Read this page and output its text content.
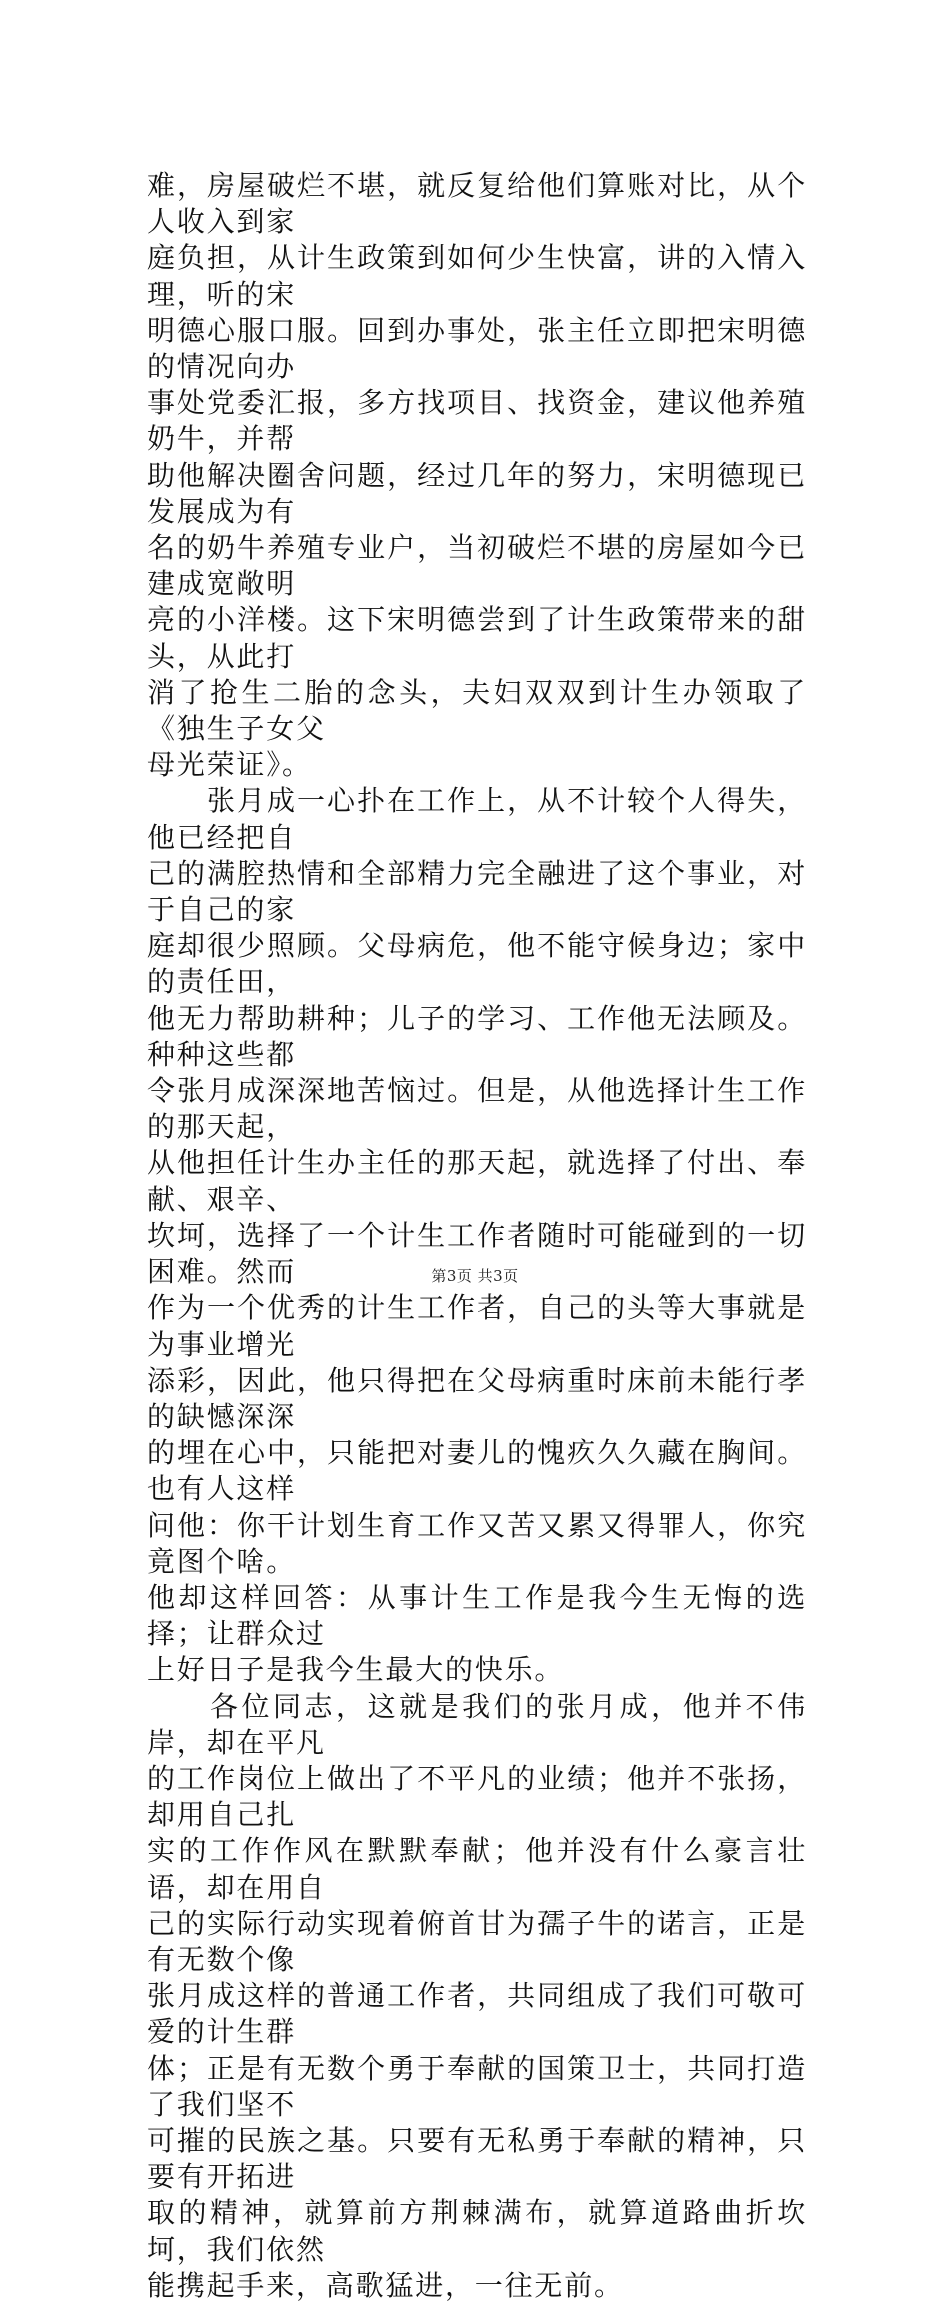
难，房屋破烂不堪，就反复给他们算账对比，从个人收入到家
庭负担，从计生政策到如何少生快富，讲的入情入理，听的宋
明德心服口服。回到办事处，张主任立即把宋明德的情况向办
事处党委汇报，多方找项目、找资金，建议他养殖奶牛，并帮
助他解决圈舍问题，经过几年的努力，宋明德现已发展成为有
名的奶牛养殖专业户，当初破烂不堪的房屋如今已建成宽敞明
亮的小洋楼。这下宋明德尝到了计生政策带来的甜头，从此打
消了抢生二胎的念头，夫妇双双到计生办领取了《独生子女父
母光荣证》。

　　张月成一心扑在工作上，从不计较个人得失，他已经把自
己的满腔热情和全部精力完全融进了这个事业，对于自己的家
庭却很少照顾。父母病危，他不能守候身边；家中的责任田，
他无力帮助耕种；儿子的学习、工作他无法顾及。种种这些都
令张月成深深地苦恼过。但是，从他选择计生工作的那天起，
从他担任计生办主任的那天起，就选择了付出、奉献、艰辛、
坎坷，选择了一个计生工作者随时可能碰到的一切困难。然而
作为一个优秀的计生工作者，自己的头等大事就是为事业增光
添彩，因此，他只得把在父母病重时床前未能行孝的缺憾深深
的埋在心中，只能把对妻儿的愧疚久久藏在胸间。也有人这样
问他：你干计划生育工作又苦又累又得罪人，你究竟图个啥。
他却这样回答：从事计生工作是我今生无悔的选择；让群众过
上好日子是我今生最大的快乐。

　　各位同志，这就是我们的张月成，他并不伟岸，却在平凡
的工作岗位上做出了不平凡的业绩；他并不张扬，却用自己扎
实的工作作风在默默奉献；他并没有什么豪言壮语，却在用自
己的实际行动实现着俯首甘为孺子牛的诺言，正是有无数个像
张月成这样的普通工作者，共同组成了我们可敬可爱的计生群
体；正是有无数个勇于奉献的国策卫士，共同打造了我们坚不
可摧的民族之基。只要有无私勇于奉献的精神，只要有开拓进
取的精神，就算前方荆棘满布，就算道路曲折坎坷，我们依然
能携起手来，高歌猛进，一往无前。

第3页 共3页
